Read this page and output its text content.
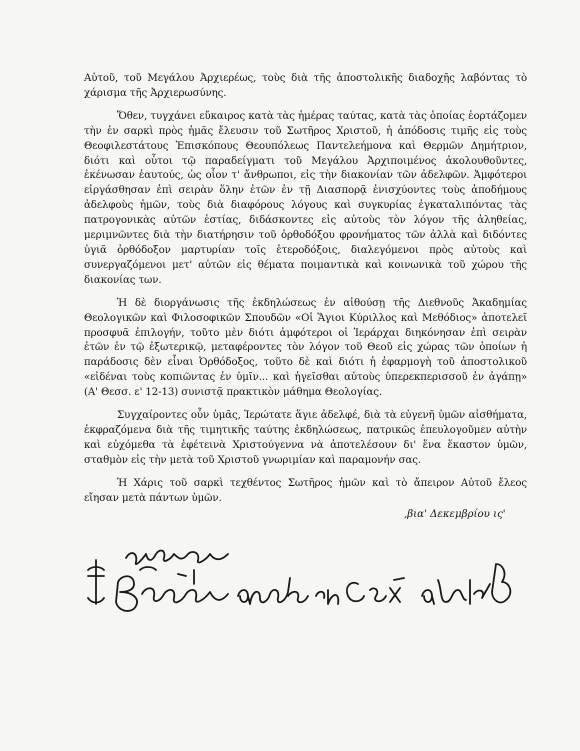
Αὐτοῦ, τοῦ Μεγάλου Ἀρχιερέως, τοὺς διὰ τῆς ἀποστολικῆς διαδοχῆς λαβόντας τὸ χάρισμα τῆς Ἀρχιερωσύνης.

Ὅθεν, τυγχάνει εὔκαιρος κατὰ τὰς ἡμέρας ταύτας, κατὰ τὰς ὁποίας ἑορτάζομεν τὴν ἐν σαρκὶ πρὸς ἡμᾶς ἔλευσιν τοῦ Σωτῆρος Χριστοῦ, ἡ ἀπόδοσις τιμῆς εἰς τοὺς Θεοφιλεστάτους Ἐπισκόπους Θεουπόλεως Παντελεήμονα καὶ Θερμῶν Δημήτριον, διότι καὶ οὗτοι τῷ παραδείγματι τοῦ Μεγάλου Ἀρχιποιμένος ἀκολουθοῦντες, ἐκένωσαν ἑαυτούς, ὡς οἷον τ' ἄνθρωποι, εἰς τὴν διακονίαν τῶν ἀδελφῶν. Ἀμφότεροι εἰργάσθησαν ἐπὶ σειρὰν ὅλην ἐτῶν ἐν τῇ Διασπορᾷ ἐνισχύοντες τοὺς ἀποδήμους ἀδελφοὺς ἡμῶν, τοὺς διὰ διαφόρους λόγους καὶ συγκυρίας ἐγκαταλιπόντας τὰς πατρογονικὰς αὐτῶν ἑστίας, διδάσκοντες εἰς αὐτοὺς τὸν λόγον τῆς ἀληθείας, μεριμνῶντες διὰ τὴν διατήρησιν τοῦ ὀρθοδόξου φρονήματος τῶν ἀλλὰ καὶ διδόντες ὑγιᾶ ὀρθόδοξον μαρτυρίαν τοῖς ἑτεροδόξοις, διαλεγόμενοι πρὸς αὐτοὺς καὶ συνεργαζόμενοι μετ' αὐτῶν εἰς θέματα ποιμαντικὰ καὶ κοινωνικὰ τοῦ χώρου τῆς διακονίας των.

Ἡ δὲ διοργάνωσις τῆς ἐκδηλώσεως ἐν αἰθούσῃ τῆς Διεθνοῦς Ἀκαδημίας Θεολογικῶν καὶ Φιλοσοφικῶν Σπουδῶν «Οἱ Ἅγιοι Κύριλλος καὶ Μεθόδιος» ἀποτελεῖ προσφυᾶ ἐπιλογήν, τοῦτο μὲν διότι ἀμφότεροι οἱ Ἱεράρχαι διηκόνησαν ἐπὶ σειρὰν ἐτῶν ἐν τῷ ἐξωτερικῷ, μεταφέροντες τὸν λόγον τοῦ Θεοῦ εἰς χώρας τῶν ὁποίων ἡ παράδοσις δὲν εἶναι Ὀρθόδοξος, τοῦτο δὲ καὶ διότι ἡ ἐφαρμογὴ τοῦ ἀποστολικοῦ «εἰδέναι τοὺς κοπιῶντας ἐν ὑμῖν... καὶ ἡγεῖσθαι αὐτοὺς ὑπερεκπερισσοῦ ἐν ἀγάπῃ» (Α' Θεσσ. ε' 12-13) συνιστᾷ πρακτικὸν μάθημα Θεολογίας.

Συγχαίροντες οὖν ὑμᾶς, Ἱερώτατε ἅγιε ἀδελφέ, διὰ τὰ εὐγενῆ ὑμῶν αἰσθήματα, ἐκφραζόμενα διὰ τῆς τιμητικῆς ταύτης ἐκδηλώσεως, πατρικῶς ἐπευλογοῦμεν αὐτὴν καὶ εὐχόμεθα τὰ ἐφέτεινὰ Χριστούγεννα νὰ ἀποτελέσουν δι' ἕνα ἕκαστον ὑμῶν, σταθμὸν εἰς τὴν μετὰ τοῦ Χριστοῦ γνωριμίαν καὶ παραμονήν σας.

Ἡ Χάρις τοῦ σαρκὶ τεχθέντος Σωτῆρος ἡμῶν καὶ τὸ ἄπειρον Αὐτοῦ ἔλεος εἴησαν μετὰ πάντων ὑμῶν.

,βια' Δεκεμβρίου ις'
